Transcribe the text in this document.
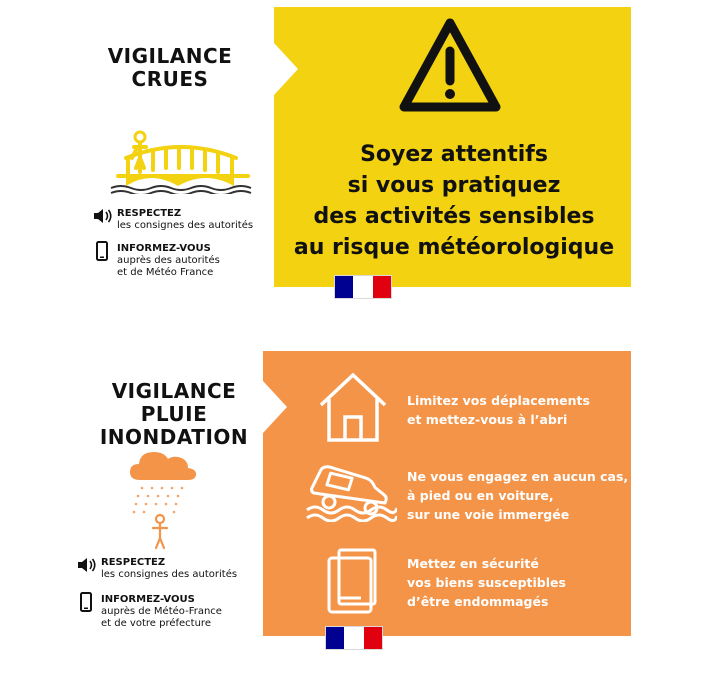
VIGILANCE
CRUES
RESPECTEZ
les consignes des autorités
INFORMEZ-VOUS
auprès des autorités
et de Météo France
Soyez attentifs
si vous pratiquez
des activités sensibles
au risque météorologique
VIGILANCE
PLUIE
INONDATION
RESPECTEZ
les consignes des autorités
INFORMEZ-VOUS
auprès de Météo-France
et de votre préfecture
Limitez vos déplacements
et mettez-vous à l’abri
Ne vous engagez en aucun cas,
à pied ou en voiture,
sur une voie immergée
Mettez en sécurité
vos biens susceptibles
d’être endommagés
